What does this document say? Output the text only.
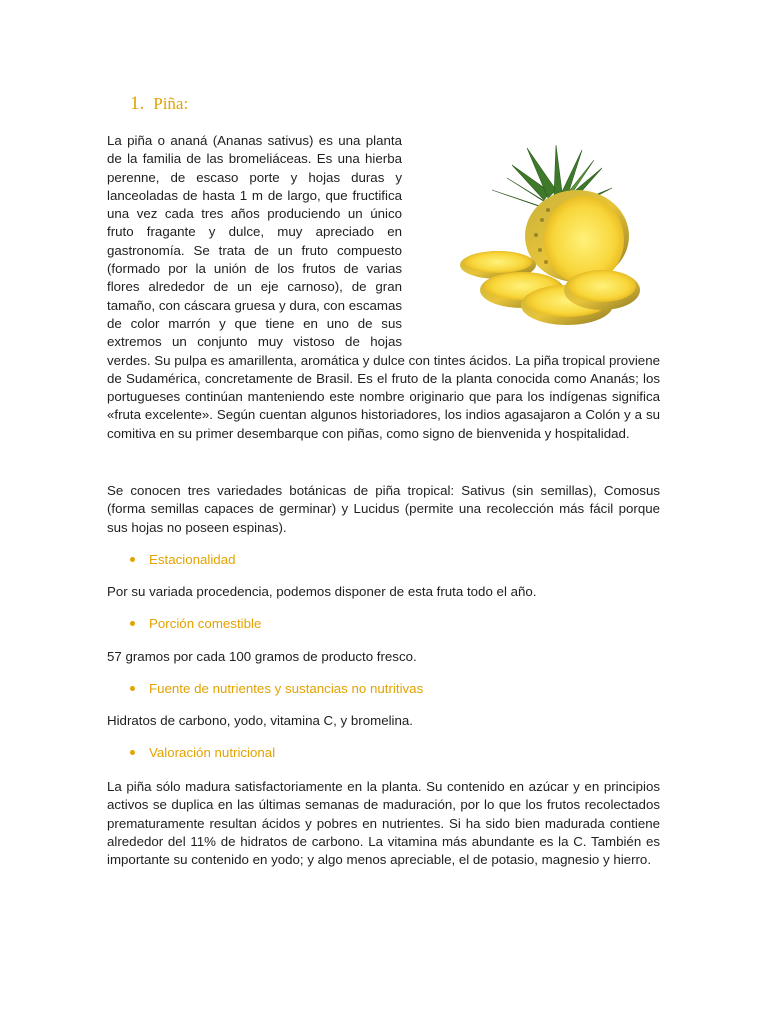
1. Piña:

La piña o ananá (Ananas sativus) es una planta de la familia de las bromeliáceas. Es una hierba perenne, de escaso porte y hojas duras y lanceoladas de hasta 1 m de largo, que fructifica una vez cada tres años produciendo un único fruto fragante y dulce, muy apreciado en gastronomía. Se trata de un fruto compuesto (formado por la unión de los frutos de varias flores alrededor de un eje carnoso), de gran tamaño, con cáscara gruesa y dura, con escamas de color marrón y que tiene en uno de sus extremos un conjunto muy vistoso de hojas verdes. Su pulpa es amarillenta, aromática y dulce con tintes ácidos. La piña tropical proviene de Sudamérica, concretamente de Brasil. Es el fruto de la planta conocida como Ananás; los portugueses continúan manteniendo este nombre originario que para los indígenas significa «fruta excelente». Según cuentan algunos historiadores, los indios agasajaron a Colón y a su comitiva en su primer desembarque con piñas, como signo de bienvenida y hospitalidad.

Se conocen tres variedades botánicas de piña tropical: Sativus (sin semillas), Comosus (forma semillas capaces de germinar) y Lucidus (permite una recolección más fácil porque sus hojas no poseen espinas).

Estacionalidad

Por su variada procedencia, podemos disponer de esta fruta todo el año.

Porción comestible

57 gramos por cada 100 gramos de producto fresco.

Fuente de nutrientes y sustancias no nutritivas

Hidratos de carbono, yodo, vitamina C, y bromelina.

Valoración nutricional

La piña sólo madura satisfactoriamente en la planta. Su contenido en azúcar y en principios activos se duplica en las últimas semanas de maduración, por lo que los frutos recolectados prematuramente resultan ácidos y pobres en nutrientes. Si ha sido bien madurada contiene alrededor del 11% de hidratos de carbono. La vitamina más abundante es la C. También es importante su contenido en yodo; y algo menos apreciable, el de potasio, magnesio y hierro.
